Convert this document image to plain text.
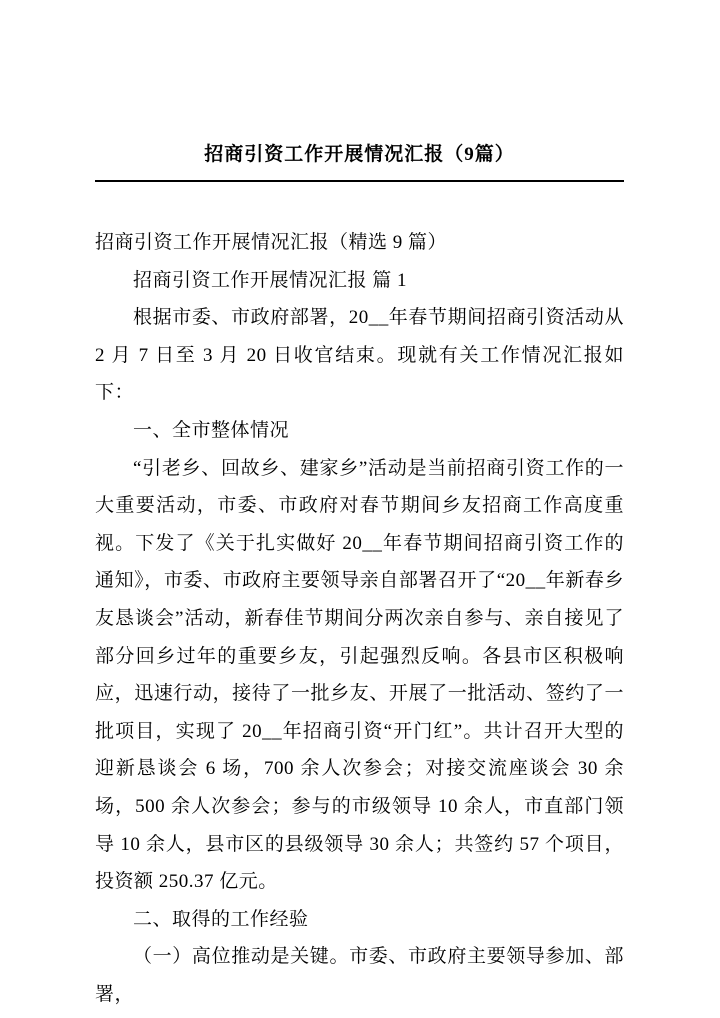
招商引资工作开展情况汇报（9篇）

招商引资工作开展情况汇报（精选 9 篇）

招商引资工作开展情况汇报 篇 1

根据市委、市政府部署，20__年春节期间招商引资活动从 2 月 7 日至 3 月 20 日收官结束。现就有关工作情况汇报如下：

一、全市整体情况

“引老乡、回故乡、建家乡”活动是当前招商引资工作的一大重要活动，市委、市政府对春节期间乡友招商工作高度重视。下发了《关于扎实做好 20__年春节期间招商引资工作的通知》，市委、市政府主要领导亲自部署召开了“20__年新春乡友恳谈会”活动，新春佳节期间分两次亲自参与、亲自接见了部分回乡过年的重要乡友，引起强烈反响。各县市区积极响应，迅速行动，接待了一批乡友、开展了一批活动、签约了一批项目，实现了 20__年招商引资“开门红”。共计召开大型的迎新恳谈会 6 场，700 余人次参会；对接交流座谈会 30 余场，500 余人次参会；参与的市级领导 10 余人，市直部门领导 10 余人，县市区的县级领导 30 余人；共签约 57 个项目，投资额 250.37 亿元。

二、取得的工作经验

（一）高位推动是关键。市委、市政府主要领导参加、部署，
